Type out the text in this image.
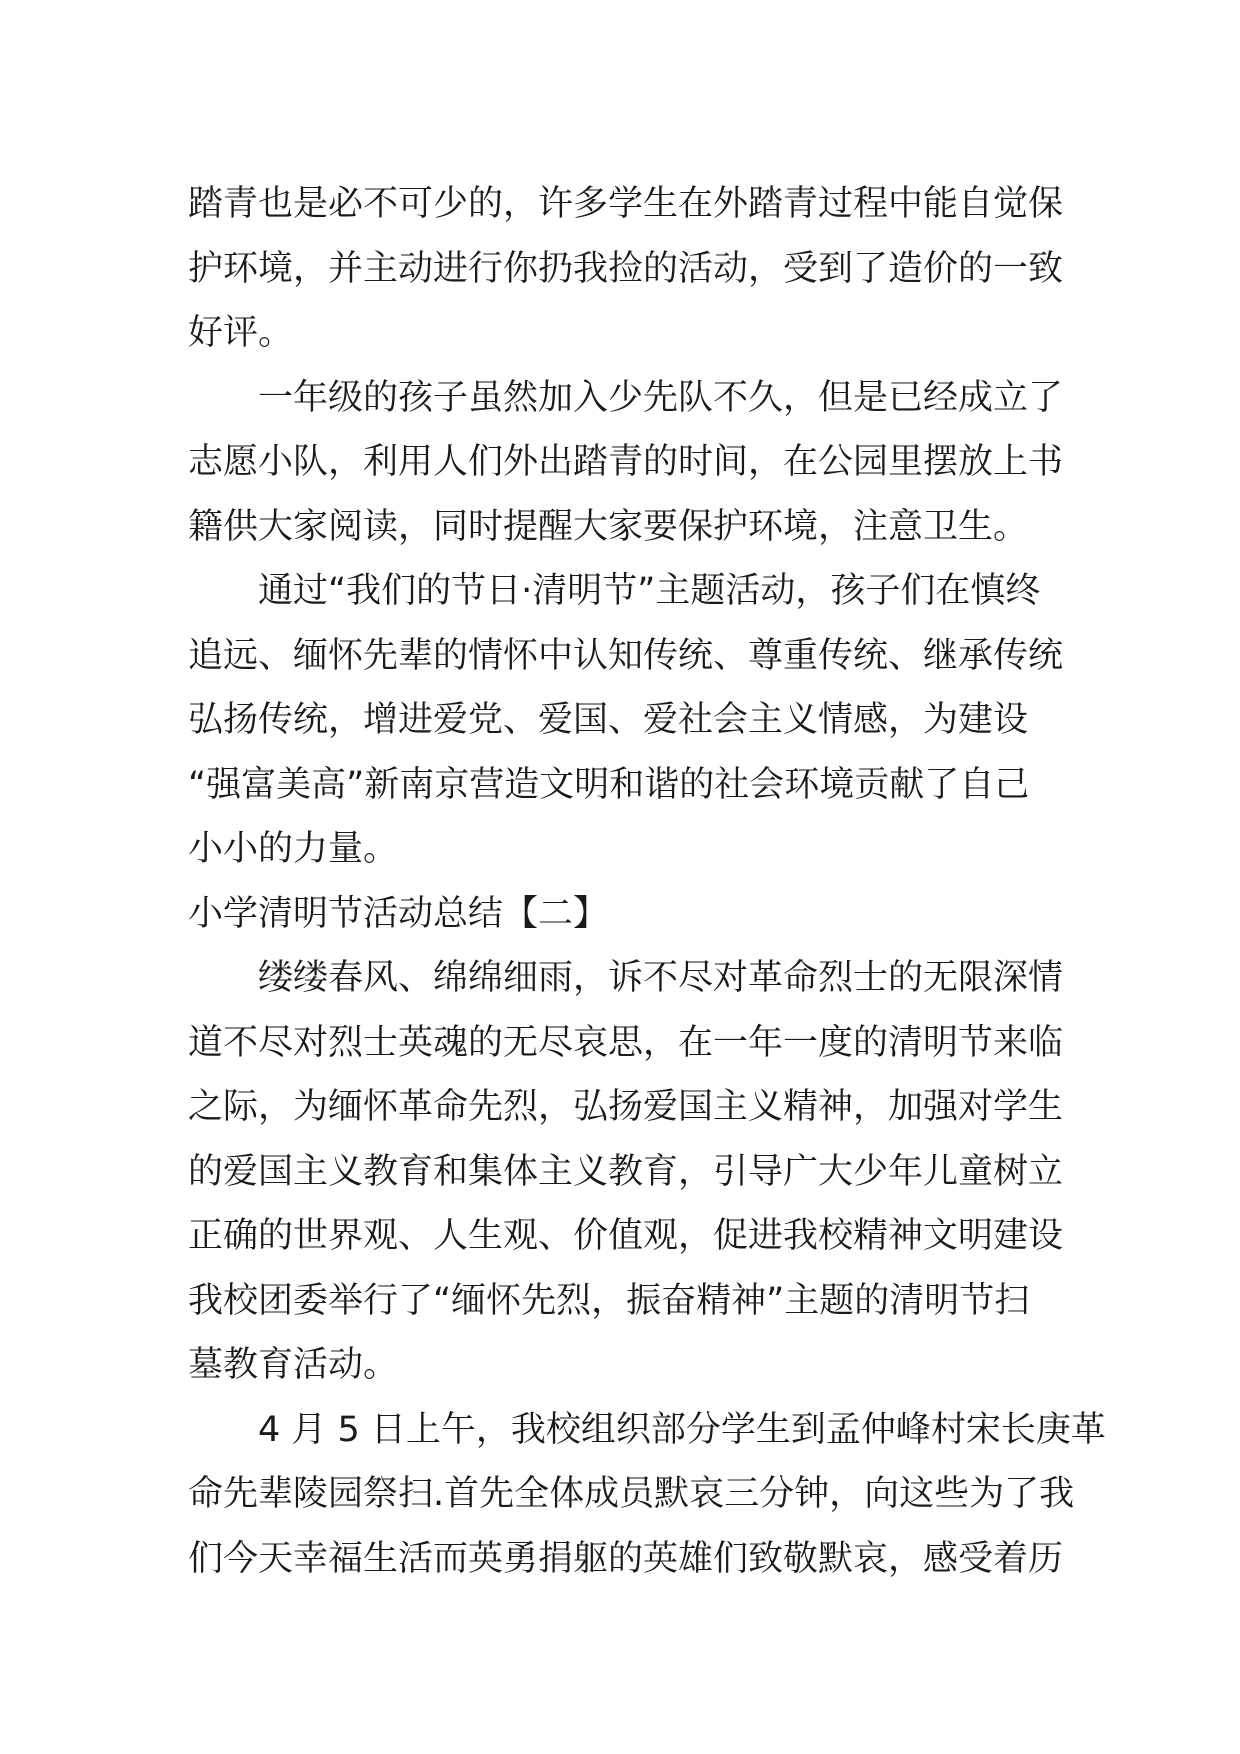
踏青也是必不可少的，许多学生在外踏青过程中能自觉保
护环境，并主动进行你扔我捡的活动，受到了造价的一致
好评。
一年级的孩子虽然加入少先队不久，但是已经成立了
志愿小队，利用人们外出踏青的时间，在公园里摆放上书
籍供大家阅读，同时提醒大家要保护环境，注意卫生。
通过“我们的节日·清明节”主题活动，孩子们在慎终
追远、缅怀先辈的情怀中认知传统、尊重传统、继承传统
弘扬传统，增进爱党、爱国、爱社会主义情感，为建设
“强富美高”新南京营造文明和谐的社会环境贡献了自己
小小的力量。
小学清明节活动总结【二】
缕缕春风、绵绵细雨，诉不尽对革命烈士的无限深情
道不尽对烈士英魂的无尽哀思，在一年一度的清明节来临
之际，为缅怀革命先烈，弘扬爱国主义精神，加强对学生
的爱国主义教育和集体主义教育，引导广大少年儿童树立
正确的世界观、人生观、价值观，促进我校精神文明建设
我校团委举行了“缅怀先烈，振奋精神”主题的清明节扫
墓教育活动。
4 月 5 日上午，我校组织部分学生到孟仲峰村宋长庚革
命先辈陵园祭扫.首先全体成员默哀三分钟，向这些为了我
们今天幸福生活而英勇捐躯的英雄们致敬默哀，感受着历
